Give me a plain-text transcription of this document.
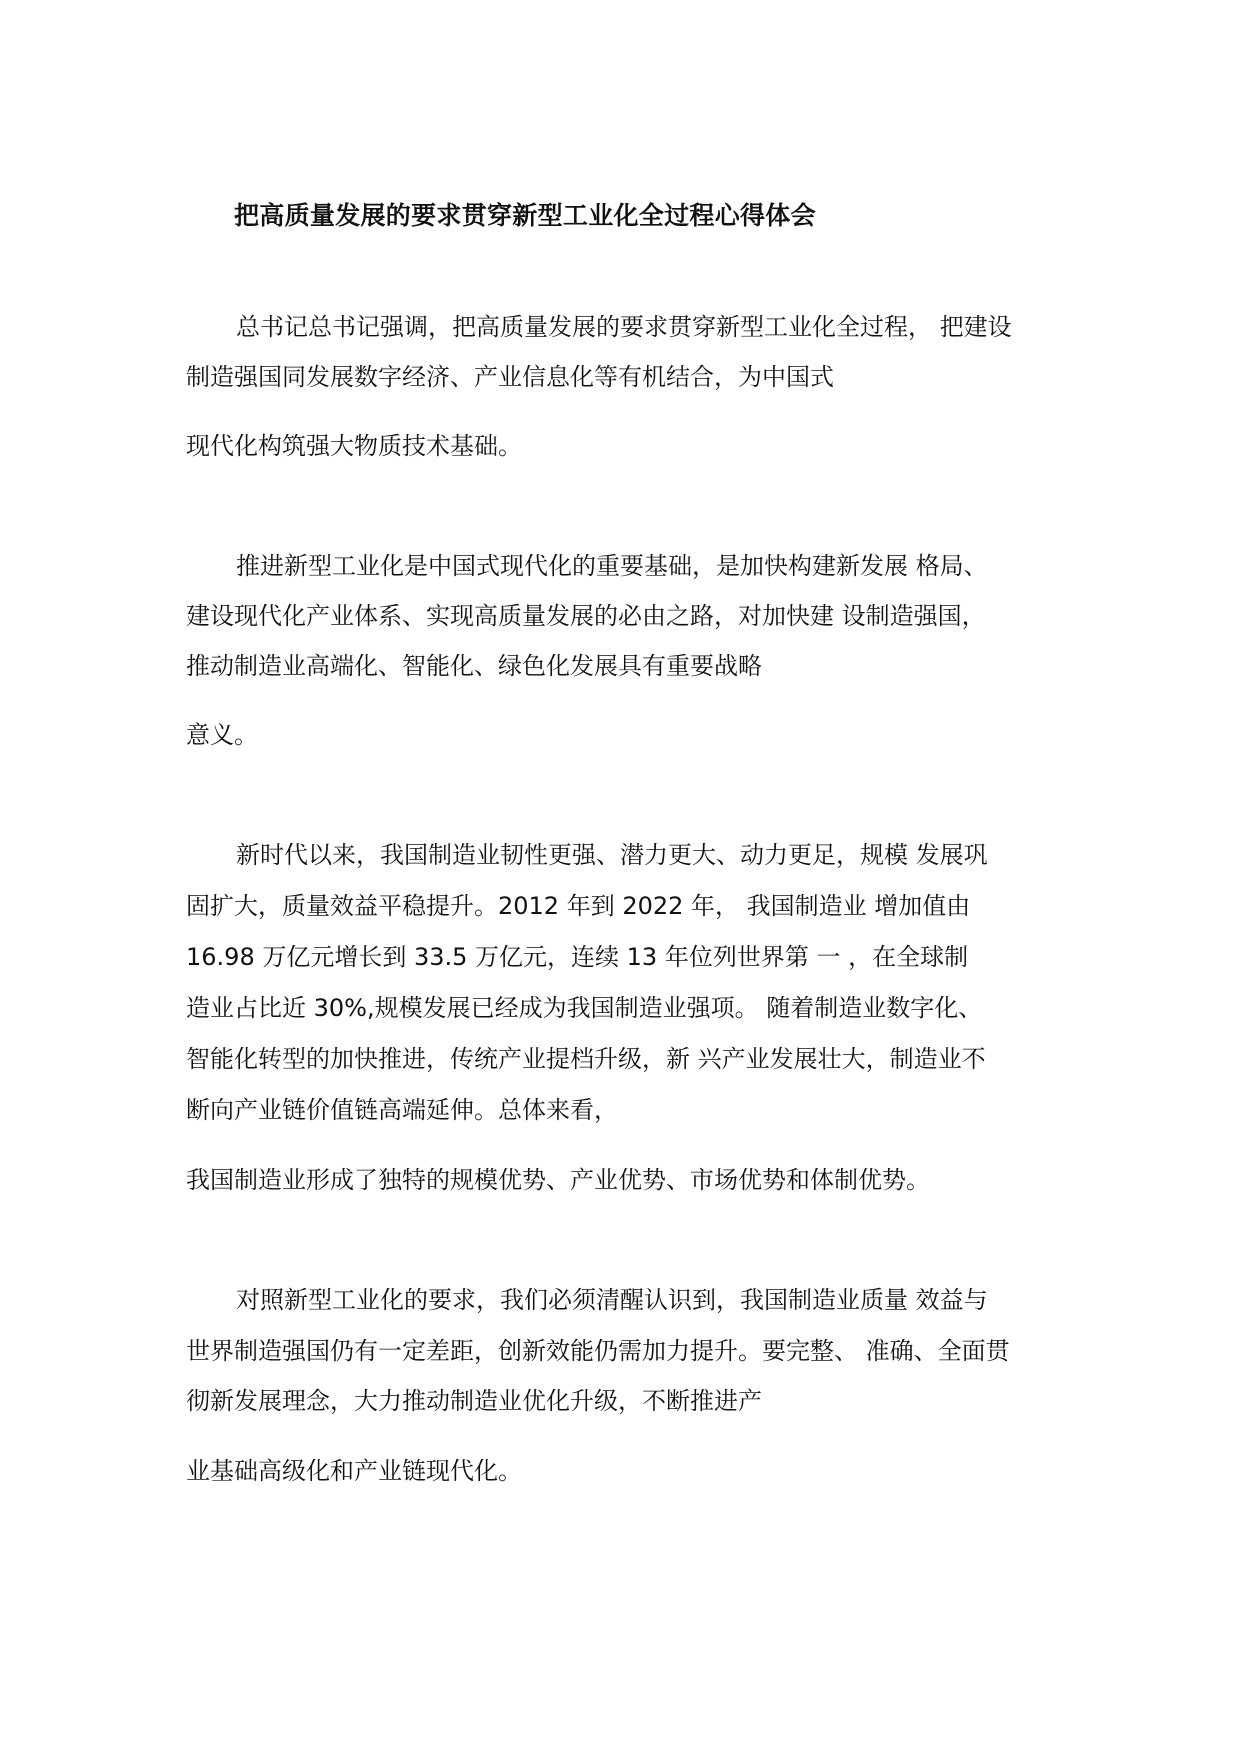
把高质量发展的要求贯穿新型工业化全过程心得体会
总书记总书记强调，把高质量发展的要求贯穿新型工业化全过程， 把建设
制造强国同发展数字经济、产业信息化等有机结合，为中国式
现代化构筑强大物质技术基础。
推进新型工业化是中国式现代化的重要基础，是加快构建新发展 格局、
建设现代化产业体系、实现高质量发展的必由之路，对加快建 设制造强国，
推动制造业高端化、智能化、绿色化发展具有重要战略
意义。
新时代以来，我国制造业韧性更强、潜力更大、动力更足，规模 发展巩
固扩大，质量效益平稳提升。2012 年到 2022 年， 我国制造业 增加值由
16.98 万亿元增长到 33.5 万亿元，连续 13 年位列世界第 一 ，在全球制
造业占比近 30%,规模发展已经成为我国制造业强项。 随着制造业数字化、
智能化转型的加快推进，传统产业提档升级，新 兴产业发展壮大，制造业不
断向产业链价值链高端延伸。总体来看，
我国制造业形成了独特的规模优势、产业优势、市场优势和体制优势。
对照新型工业化的要求，我们必须清醒认识到，我国制造业质量 效益与
世界制造强国仍有一定差距，创新效能仍需加力提升。要完整、 准确、全面贯
彻新发展理念，大力推动制造业优化升级，不断推进产
业基础高级化和产业链现代化。
